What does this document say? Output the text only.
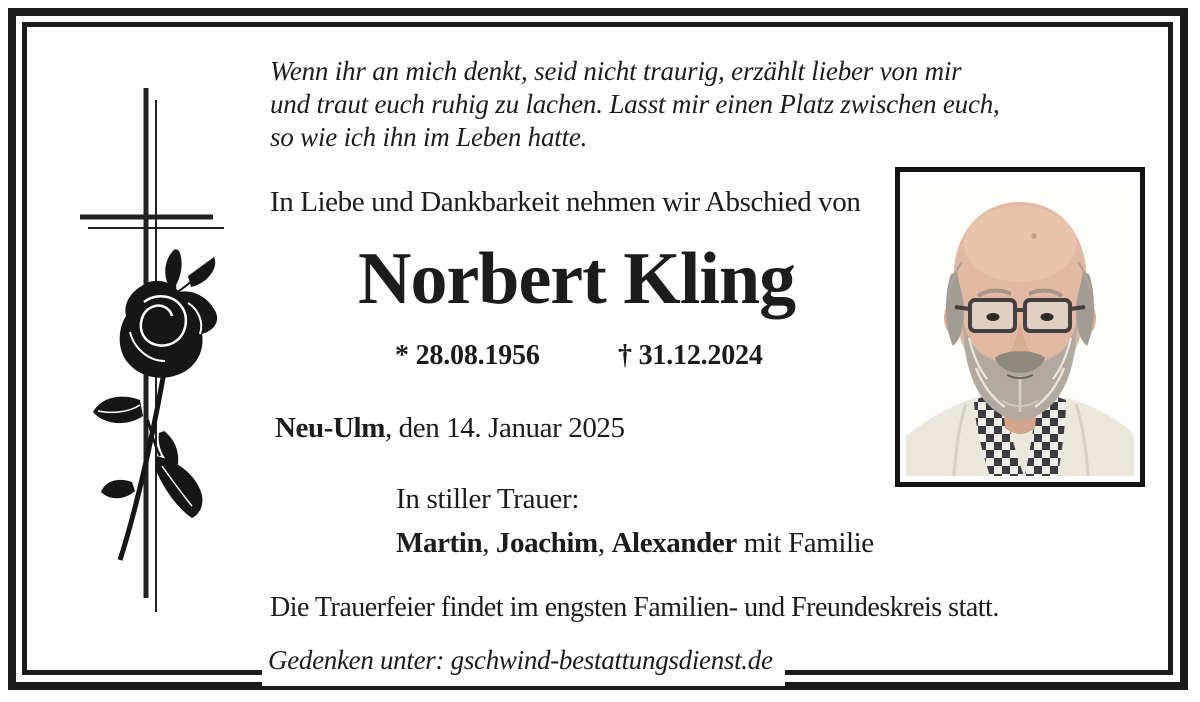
Wenn ihr an mich denkt, seid nicht traurig, erzählt lieber von mir
und traut euch ruhig zu lachen. Lasst mir einen Platz zwischen euch,
so wie ich ihn im Leben hatte.
In Liebe und Dankbarkeit nehmen wir Abschied von
Norbert Kling
* 28.08.1956	† 31.12.2024
Neu-Ulm, den 14. Januar 2025
In stiller Trauer:
Martin, Joachim, Alexander mit Familie
Die Trauerfeier findet im engsten Familien- und Freundeskreis statt.
Gedenken unter: gschwind-bestattungsdienst.de
